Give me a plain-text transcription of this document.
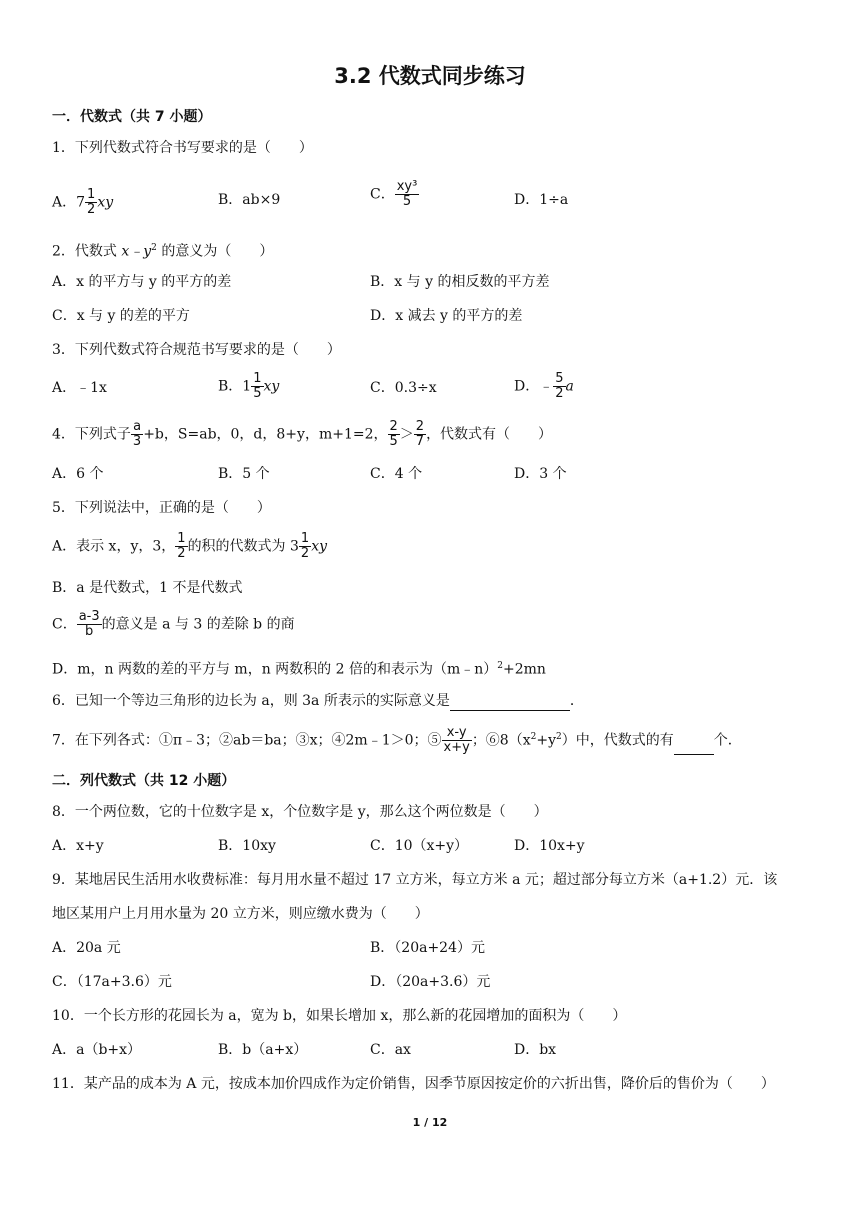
3.2 代数式同步练习
一．代数式（共 7 小题）
1．下列代数式符合书写要求的是（　　）
A．$7 \frac{1}{2}$ xy	B．ab×9	C． $\frac{\text{xy³}}{5}$	D．1÷a
2．代数式 $x﹣y^2$ 的意义为（　　）
A．x 的平方与 y 的平方的差	B．x 与 y 的相反数的平方差
C．x 与 y 的差的平方	D．x 减去 y 的平方的差
3．下列代数式符合规范书写要求的是（　　）
A．﹣1x	B．$1 \frac{1}{5}$ xy	C．0.3÷x	D．﹣ $\frac{5}{2}$ a
4．下列式子 $\frac{a}{3} +b$，S=ab，0，d，8+y，m+1=2， $\frac{2}{5} > \frac{2}{7}$ ，代数式有（　　）
A．6 个	B．5 个	C．4 个	D．3 个
5．下列说法中，正确的是（　　）
A．表示 x，y，3， $\frac{1}{2}$ 的积的代数式为 $3 \frac{1}{2}$ xy
B．a 是代数式，1 不是代数式
C． $\frac{a-3}{b}$ 的意义是 a 与 3 的差除 b 的商
D．m，n 两数的差的平方与 m，n 两数积的 2 倍的和表示为（m﹣n）$^2$+2mn
6．已知一个等边三角形的边长为 a，则 3a 所表示的实际意义是	．
7．在下列各式：①π﹣3；②ab＝ba；③x；④2m﹣1＞0；⑤ $\frac{x-y}{x+y}$ ；$⑥8(x^2+y^2)$中，代数式的有	个．
二．列代数式（共 12 小题）
8．一个两位数，它的十位数字是 x，个位数字是 y，那么这个两位数是（　　）
A．x+y	B．10xy	C．10（x+y）	D．10x+y
9．某地居民生活用水收费标准：每月用水量不超过 17 立方米，每立方米 a 元；超过部分每立方米（a+1.2）元．该
地区某用户上月用水量为 20 立方米，则应缴水费为（　　）
A．20a 元	B．（20a+24）元
C．（17a+3.6）元	D．（20a+3.6）元
10．一个长方形的花园长为 a，宽为 b，如果长增加 x，那么新的花园增加的面积为（　　）
A．a（b+x）	B．b（a+x）	C．ax	D．bx
11．某产品的成本为 A 元，按成本加价四成作为定价销售，因季节原因按定价的六折出售，降价后的售价为（　　）
1 / 12
